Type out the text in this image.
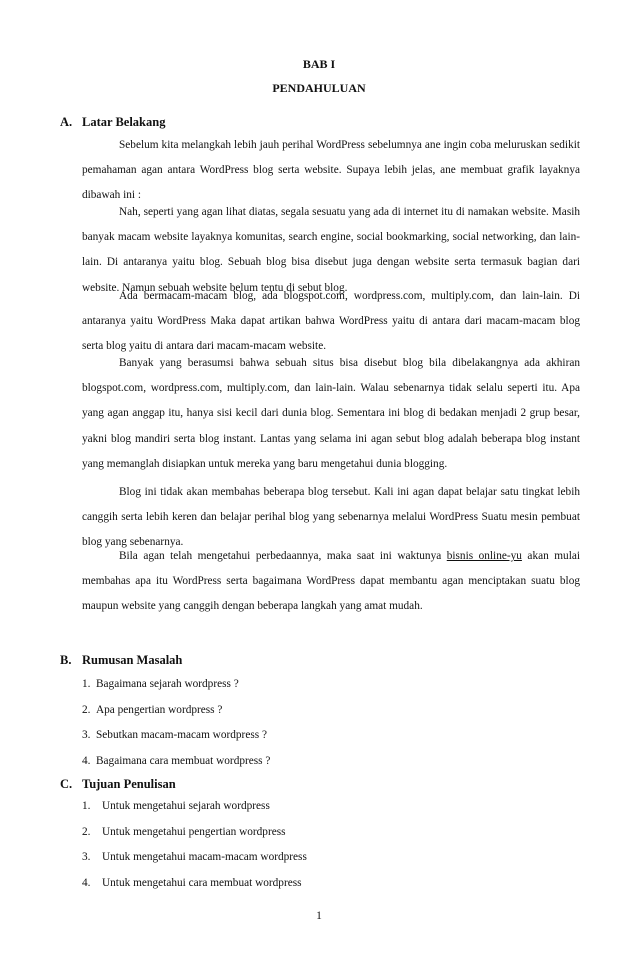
BAB I
PENDAHULUAN
A. Latar Belakang

Sebelum kita melangkah lebih jauh perihal WordPress sebelumnya ane ingin coba meluruskan sedikit pemahaman agan antara WordPress blog serta website. Supaya lebih jelas, ane membuat grafik layaknya dibawah ini :

Nah, seperti yang agan lihat diatas, segala sesuatu yang ada di internet itu di namakan website. Masih banyak macam website layaknya komunitas, search engine, social bookmarking, social networking, dan lain-lain. Di antaranya yaitu blog. Sebuah blog bisa disebut juga dengan website serta termasuk bagian dari website. Namun sebuah website belum tentu di sebut blog.

Ada bermacam-macam blog, ada blogspot.com, wordpress.com, multiply.com, dan lain-lain. Di antaranya yaitu WordPress Maka dapat artikan bahwa WordPress yaitu di antara dari macam-macam blog serta blog yaitu di antara dari macam-macam website.

Banyak yang berasumsi bahwa sebuah situs bisa disebut blog bila dibelakangnya ada akhiran blogspot.com, wordpress.com, multiply.com, dan lain-lain. Walau sebenarnya tidak selalu seperti itu. Apa yang agan anggap itu, hanya sisi kecil dari dunia blog. Sementara ini blog di bedakan menjadi 2 grup besar, yakni blog mandiri serta blog instant. Lantas yang selama ini agan sebut blog adalah beberapa blog instant yang memanglah disiapkan untuk mereka yang baru mengetahui dunia blogging.

Blog ini tidak akan membahas beberapa blog tersebut. Kali ini agan dapat belajar satu tingkat lebih canggih serta lebih keren dan belajar perihal blog yang sebenarnya melalui WordPress Suatu mesin pembuat blog yang sebenarnya.

Bila agan telah mengetahui perbedaannya, maka saat ini waktunya bisnis online-yu akan mulai membahas apa itu WordPress serta bagaimana WordPress dapat membantu agan menciptakan suatu blog maupun website yang canggih dengan beberapa langkah yang amat mudah.

B. Rumusan Masalah
1. Bagaimana sejarah wordpress ?
2. Apa pengertian wordpress ?
3. Sebutkan macam-macam wordpress ?
4. Bagaimana cara membuat wordpress ?
C. Tujuan Penulisan
1. Untuk mengetahui sejarah wordpress
2. Untuk mengetahui pengertian wordpress
3. Untuk mengetahui macam-macam wordpress
4. Untuk mengetahui cara membuat wordpress
1
